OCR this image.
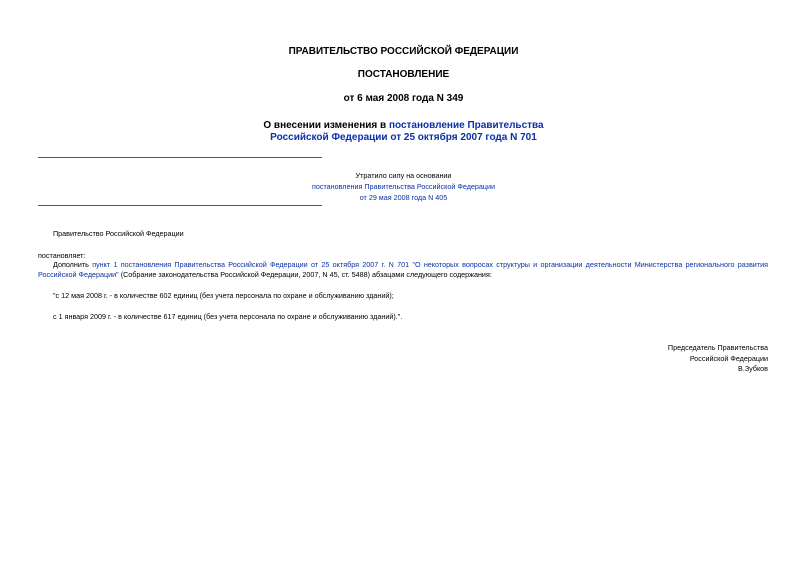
ПРАВИТЕЛЬСТВО РОССИЙСКОЙ ФЕДЕРАЦИИ
ПОСТАНОВЛЕНИЕ
от 6 мая 2008 года N 349
О внесении изменения в постановление Правительства
Российской Федерации от 25 октября 2007 года N 701
Утратило силу на основании
постановления Правительства Российской Федерации
от 29 мая 2008 года N 405
Правительство Российской Федерации
постановляет:
Дополнить пункт 1 постановления Правительства Российской Федерации от 25 октября 2007 г. N 701 "О некоторых вопросах структуры и организации деятельности Министерства регионального развития Российской Федерации" (Собрание законодательства Российской Федерации, 2007, N 45, ст. 5488) абзацами следующего содержания:
"с 12 мая 2008 г. - в количестве 602 единиц (без учета персонала по охране и обслуживанию зданий);
с 1 января 2009 г. - в количестве 617 единиц (без учета персонала по охране и обслуживанию зданий).".
Председатель Правительства
Российской Федерации
В.Зубков
